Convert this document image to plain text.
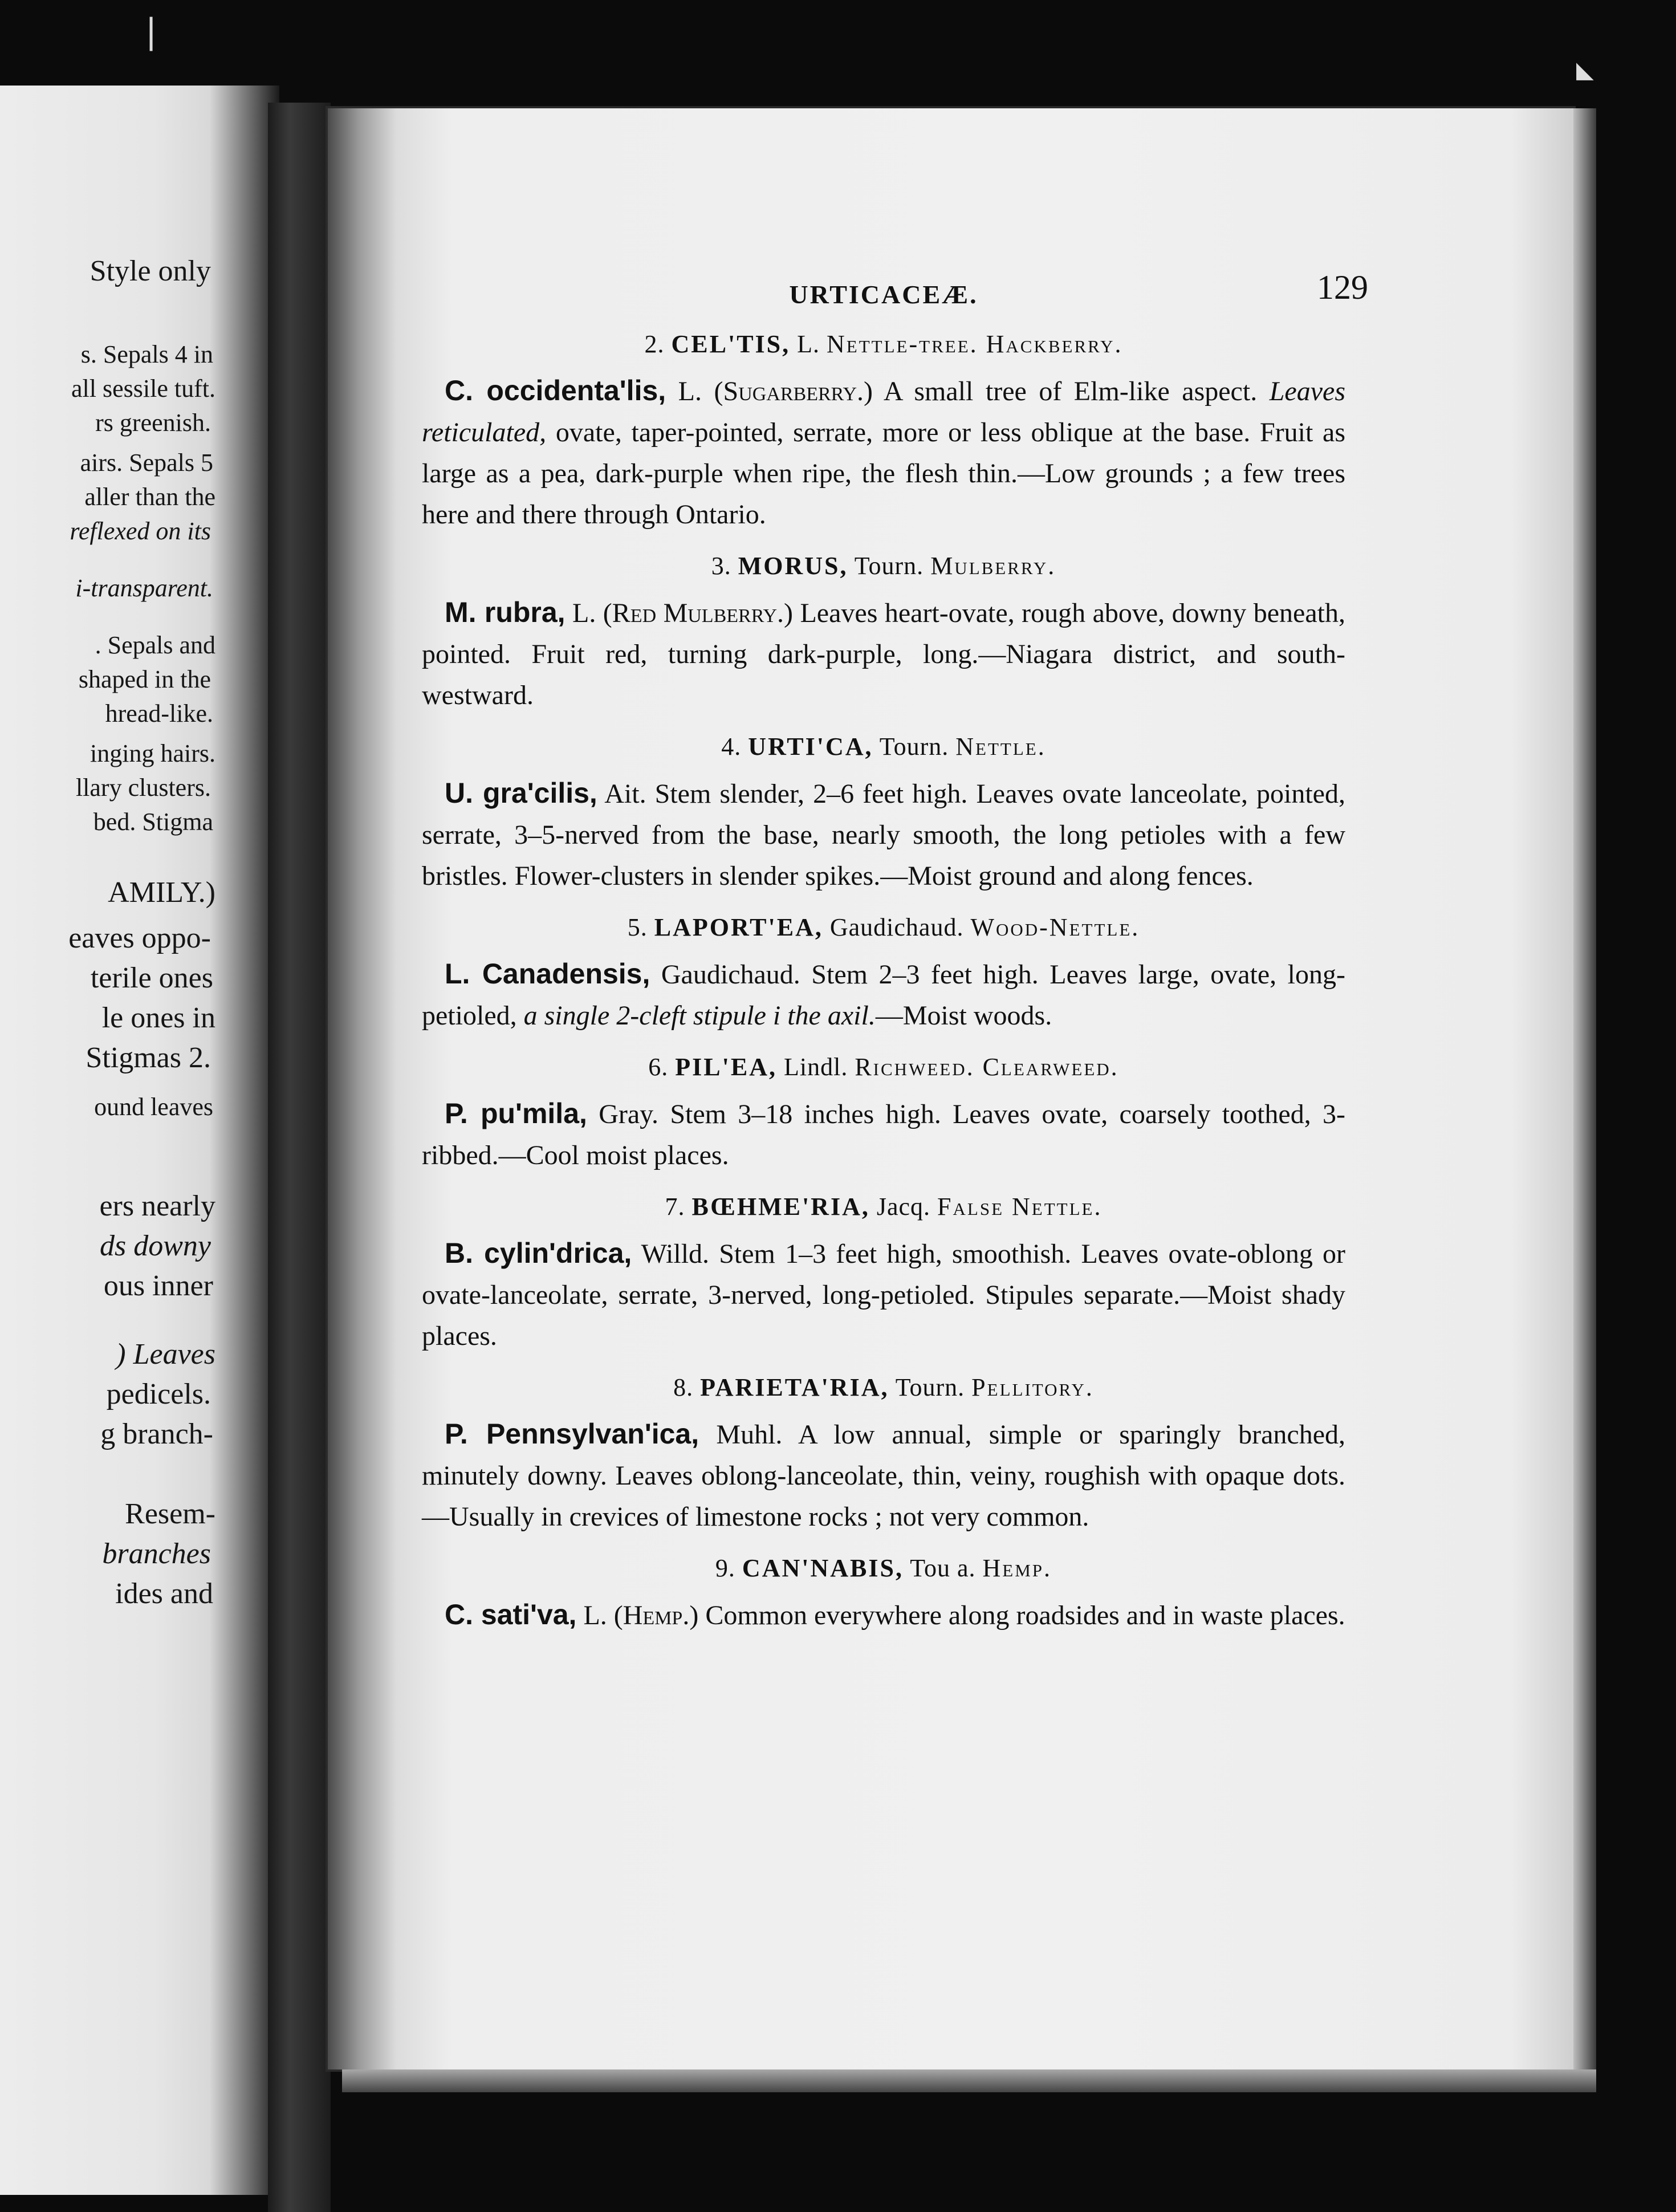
Style only
s. Sepals 4 in
all sessile tuft.
rs greenish.
airs. Sepals 5
aller than the
reflexed on its
i-transparent.
. Sepals and
shaped in the
hread-like.
inging hairs.
llary clusters.
bed. Stigma
AMILY.)
eaves oppo-
terile ones
le ones in
Stigmas 2.
ound leaves
ers nearly
ds downy
ous inner
) Leaves
pedicels.
g branch-
Resem-
branches
ides and
❘
◣
URTICACEÆ.	129
2. CEL'TIS, L. Nettle-tree. Hackberry.
C. occidenta'lis, L. (Sugarberry.) A small tree of Elm-like aspect. Leaves reticulated, ovate, taper-pointed, serrate, more or less oblique at the base. Fruit as large as a pea, dark-purple when ripe, the flesh thin.—Low grounds ; a few trees here and there through Ontario.
3. MORUS, Tourn. Mulberry.
M. rubra, L. (Red Mulberry.) Leaves heart-ovate, rough above, downy beneath, pointed. Fruit red, turning dark-purple, long.—Niagara district, and south-westward.
4. URTI'CA, Tourn. Nettle.
U. gra'cilis, Ait. Stem slender, 2–6 feet high. Leaves ovate lanceolate, pointed, serrate, 3–5-nerved from the base, nearly smooth, the long petioles with a few bristles. Flower-clusters in slender spikes.—Moist ground and along fences.
5. LAPORT'EA, Gaudichaud. Wood-Nettle.
L. Canadensis, Gaudichaud. Stem 2–3 feet high. Leaves large, ovate, long-petioled, a single 2-cleft stipule i the axil.—Moist woods.
6. PIL'EA, Lindl. Richweed. Clearweed.
P. pu'mila, Gray. Stem 3–18 inches high. Leaves ovate, coarsely toothed, 3-ribbed.—Cool moist places.
7. BŒHME'RIA, Jacq. False Nettle.
B. cylin'drica, Willd. Stem 1–3 feet high, smoothish. Leaves ovate-oblong or ovate-lanceolate, serrate, 3-nerved, long-petioled. Stipules separate.—Moist shady places.
8. PARIETA'RIA, Tourn. Pellitory.
P. Pennsylvan'ica, Muhl. A low annual, simple or sparingly branched, minutely downy. Leaves oblong-lanceolate, thin, veiny, roughish with opaque dots.—Usually in crevices of limestone rocks ; not very common.
9. CAN'NABIS, Tou a. Hemp.
C. sati'va, L. (Hemp.) Common everywhere along roadsides and in waste places.
